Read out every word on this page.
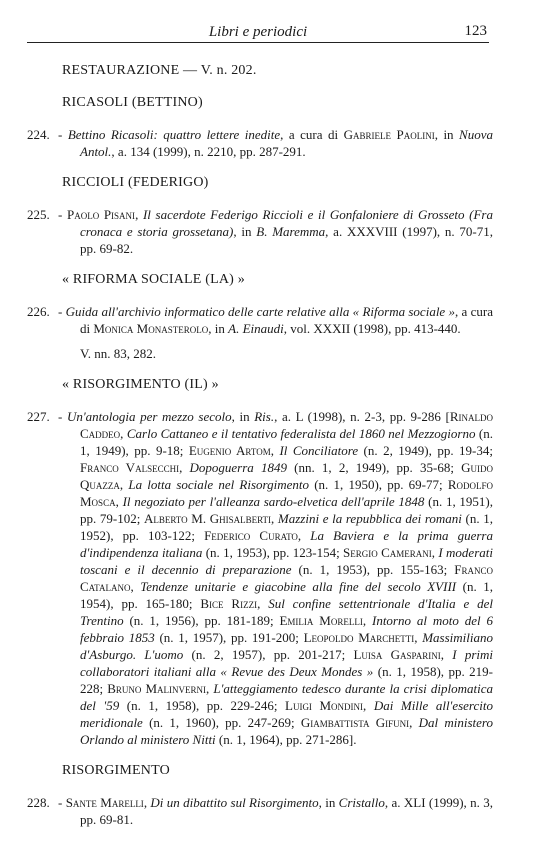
Libri e periodici	123
RESTAURAZIONE — V. n. 202.
RICASOLI (BETTINO)
224. - Bettino Ricasoli: quattro lettere inedite, a cura di Gabriele Paolini, in Nuova Antol., a. 134 (1999), n. 2210, pp. 287-291.
RICCIOLI (FEDERIGO)
225. - Paolo Pisani, Il sacerdote Federigo Riccioli e il Gonfaloniere di Grosseto (Fra cronaca e storia grossetana), in B. Maremma, a. XXXVIII (1997), n. 70-71, pp. 69-82.
« RIFORMA SOCIALE (LA) »
226. - Guida all'archivio informatico delle carte relative alla « Riforma sociale », a cura di Monica Monasterolo, in A. Einaudi, vol. XXXII (1998), pp. 413-440.
V. nn. 83, 282.
« RISORGIMENTO (IL) »
227. - Un'antologia per mezzo secolo, in Ris., a. L (1998), n. 2-3, pp. 9-286 [Rinaldo Caddeo, Carlo Cattaneo e il tentativo federalista del 1860 nel Mezzogiorno (n. 1, 1949), pp. 9-18; Eugenio Artom, Il Conciliatore (n. 2, 1949), pp. 19-34; Franco Valsecchi, Dopoguerra 1849 (nn. 1, 2, 1949), pp. 35-68; Guido Quazza, La lotta sociale nel Risorgimento (n. 1, 1950), pp. 69-77; Rodolfo Mosca, Il negoziato per l'alleanza sardo-elvetica dell'aprile 1848 (n. 1, 1951), pp. 79-102; Alberto M. Ghisalberti, Mazzini e la repubblica dei romani (n. 1, 1952), pp. 103-122; Federico Curato, La Baviera e la prima guerra d'indipendenza italiana (n. 1, 1953), pp. 123-154; Sergio Camerani, I moderati toscani e il decennio di preparazione (n. 1, 1953), pp. 155-163; Franco Catalano, Tendenze unitarie e giacobine alla fine del secolo XVIII (n. 1, 1954), pp. 165-180; Bice Rizzi, Sul confine settentrionale d'Italia e del Trentino (n. 1, 1956), pp. 181-189; Emilia Morelli, Intorno al moto del 6 febbraio 1853 (n. 1, 1957), pp. 191-200; Leopoldo Marchetti, Massimiliano d'Asburgo. L'uomo (n. 2, 1957), pp. 201-217; Luisa Gasparini, I primi collaboratori italiani alla « Revue des Deux Mondes » (n. 1, 1958), pp. 219-228; Bruno Malinverni, L'atteggiamento tedesco durante la crisi diplomatica del '59 (n. 1, 1958), pp. 229-246; Luigi Mondini, Dai Mille all'esercito meridionale (n. 1, 1960), pp. 247-269; Giambattista Gifuni, Dal ministero Orlando al ministero Nitti (n. 1, 1964), pp. 271-286].
RISORGIMENTO
228. - Sante Marelli, Di un dibattito sul Risorgimento, in Cristallo, a. XLI (1999), n. 3, pp. 69-81.
